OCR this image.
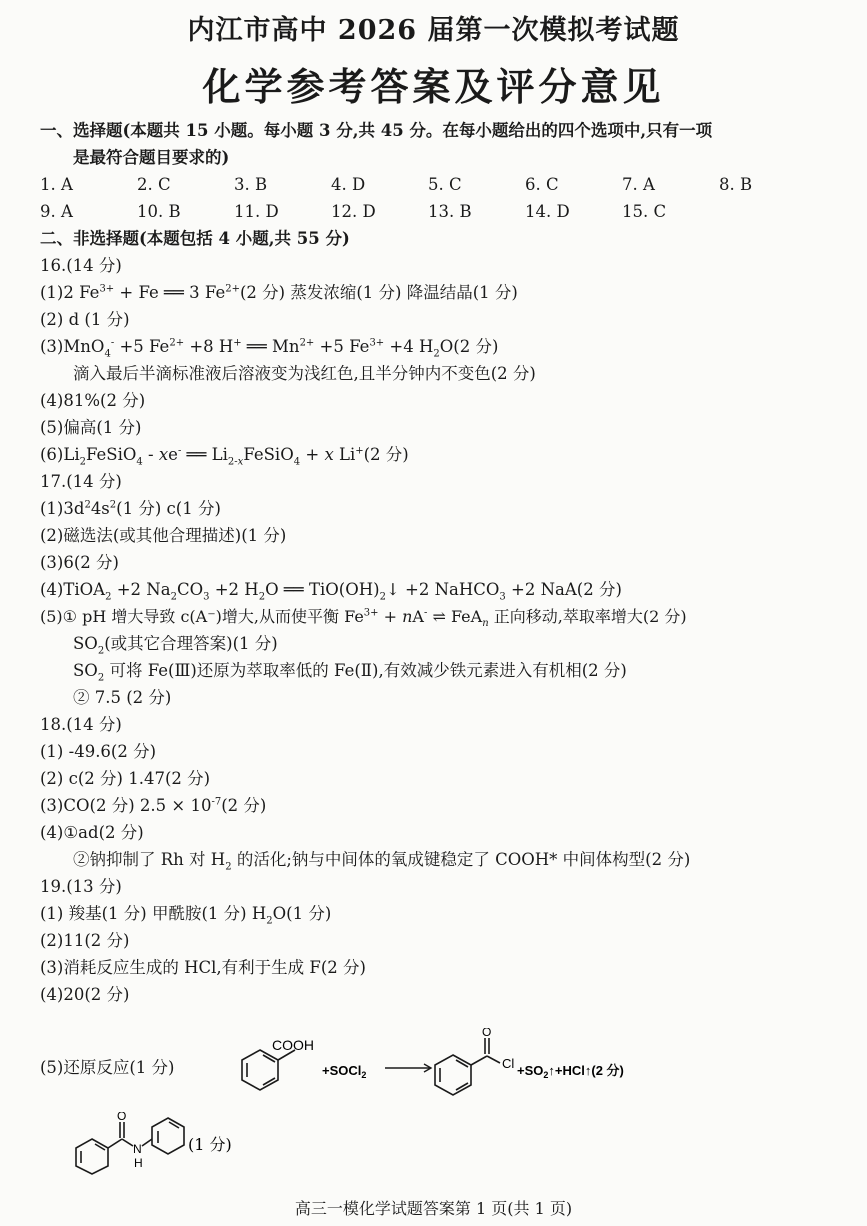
内江市高中 2026 届第一次模拟考试题
化学参考答案及评分意见
一、选择题(本题共 15 小题。每小题 3 分,共 45 分。在每小题给出的四个选项中,只有一项
是最符合题目要求的)
1. A	2. C	3. B	4. D	5. C	6. C	7. A	8. B
9. A	10. B	11. D	12. D	13. B	14. D	15. C
二、非选择题(本题包括 4 小题,共 55 分)
16.(14 分)
(1)2 $Fe^{3+} + Fe$ ══ 3 $Fe^{2+}(2$ 分) 蒸发浓缩(1 分) 降温结晶(1 分)
(2) d (1 分)
(3)MnO$_4$- +5 $Fe^{2+} +8$ H+ ══ $Mn^{2+} +5$ $Fe^{3+} +4$ $H_2O(2$ 分)
滴入最后半滴标准液后溶液变为浅红色,且半分钟内不变色(2 分)
(4)81%(2 分)
(5)偏高(1 分)
$(6)Li_2FeSiO_4 - xe^-$ ══ $Li_{2-x}FeSiO_4 + x$ Li+(2 分)
17.(14 分)
$(1)3d^24s^2(1$ 分) c(1 分)
(2)磁选法(或其他合理描述)(1 分)
(3)6(2 分)
(4)TiOA$_2$ +2 $Na_2CO_3 +2$ $H_2O$ ══ $TiO(OH)_2↓ +2$ NaHCO$_3$ +2 NaA(2 分)
(5)① pH 增大导致 c(A⁻)增大,从而使平衡 $Fe^{3+} + nA^-$ ⇌ FeA$_n$ 正向移动,萃取率增大(2 分)
$SO_2$(或其它合理答案)(1 分)
$SO_2$ 可将 Fe(Ⅲ)还原为萃取率低的 Fe(Ⅱ),有效减少铁元素进入有机相(2 分)
② 7.5 (2 分)
18.(14 分)
(1) -49.6(2 分)
(2) c(2 分) 1.47(2 分)
(3)CO(2 分) $2.5 \times 10^{-7}(2$ 分)
(4)①ad(2 分)
②钠抑制了 Rh 对 $H_2$ 的活化;钠与中间体的氧成键稳定了 COOH* 中间体构型(2 分)
19.(13 分)
(1) 羧基(1 分) 甲酰胺(1 分) $H_2O(1$ 分)
(2)11(2 分)
(3)消耗反应生成的 HCl,有利于生成 F(2 分)
(4)20(2 分)
(5)还原反应(1 分)
COOH
+SOCl$_2$
O
$Cl +SO_2↑+HCl↑(2$ 分)
O
N
H
(1 分)
高三一模化学试题答案第 1 页(共 1 页)
